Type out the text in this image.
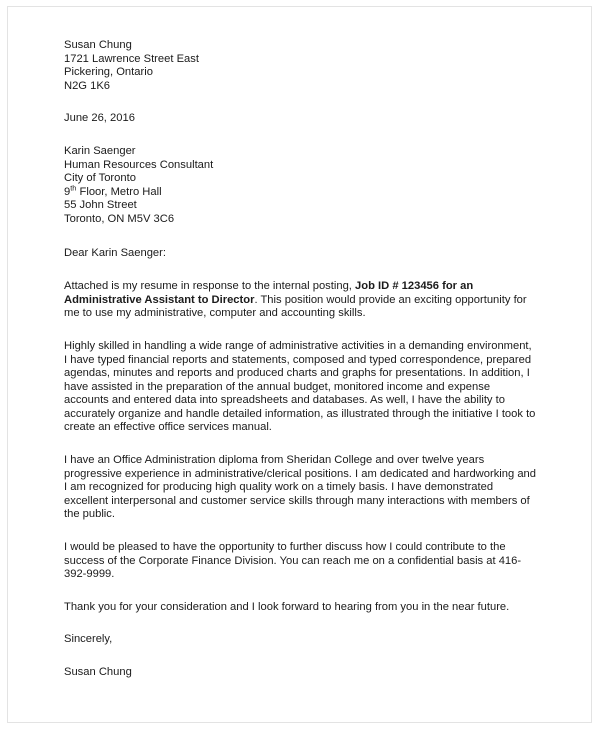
Susan Chung
1721 Lawrence Street East
Pickering, Ontario
N2G 1K6
June 26, 2016
Karin Saenger
Human Resources Consultant
City of Toronto
9th Floor, Metro Hall
55 John Street
Toronto, ON M5V 3C6
Dear Karin Saenger:

Attached is my resume in response to the internal posting, Job ID # 123456 for an Administrative Assistant to Director. This position would provide an exciting opportunity for me to use my administrative, computer and accounting skills.

Highly skilled in handling a wide range of administrative activities in a demanding environment, I have typed financial reports and statements, composed and typed correspondence, prepared agendas, minutes and reports and produced charts and graphs for presentations. In addition, I have assisted in the preparation of the annual budget, monitored income and expense accounts and entered data into spreadsheets and databases. As well, I have the ability to accurately organize and handle detailed information, as illustrated through the initiative I took to create an effective office services manual.

I have an Office Administration diploma from Sheridan College and over twelve years progressive experience in administrative/clerical positions. I am dedicated and hardworking and I am recognized for producing high quality work on a timely basis. I have demonstrated excellent interpersonal and customer service skills through many interactions with members of the public.

I would be pleased to have the opportunity to further discuss how I could contribute to the success of the Corporate Finance Division. You can reach me on a confidential basis at 416-392-9999.

Thank you for your consideration and I look forward to hearing from you in the near future.

Sincerely,
Susan Chung
